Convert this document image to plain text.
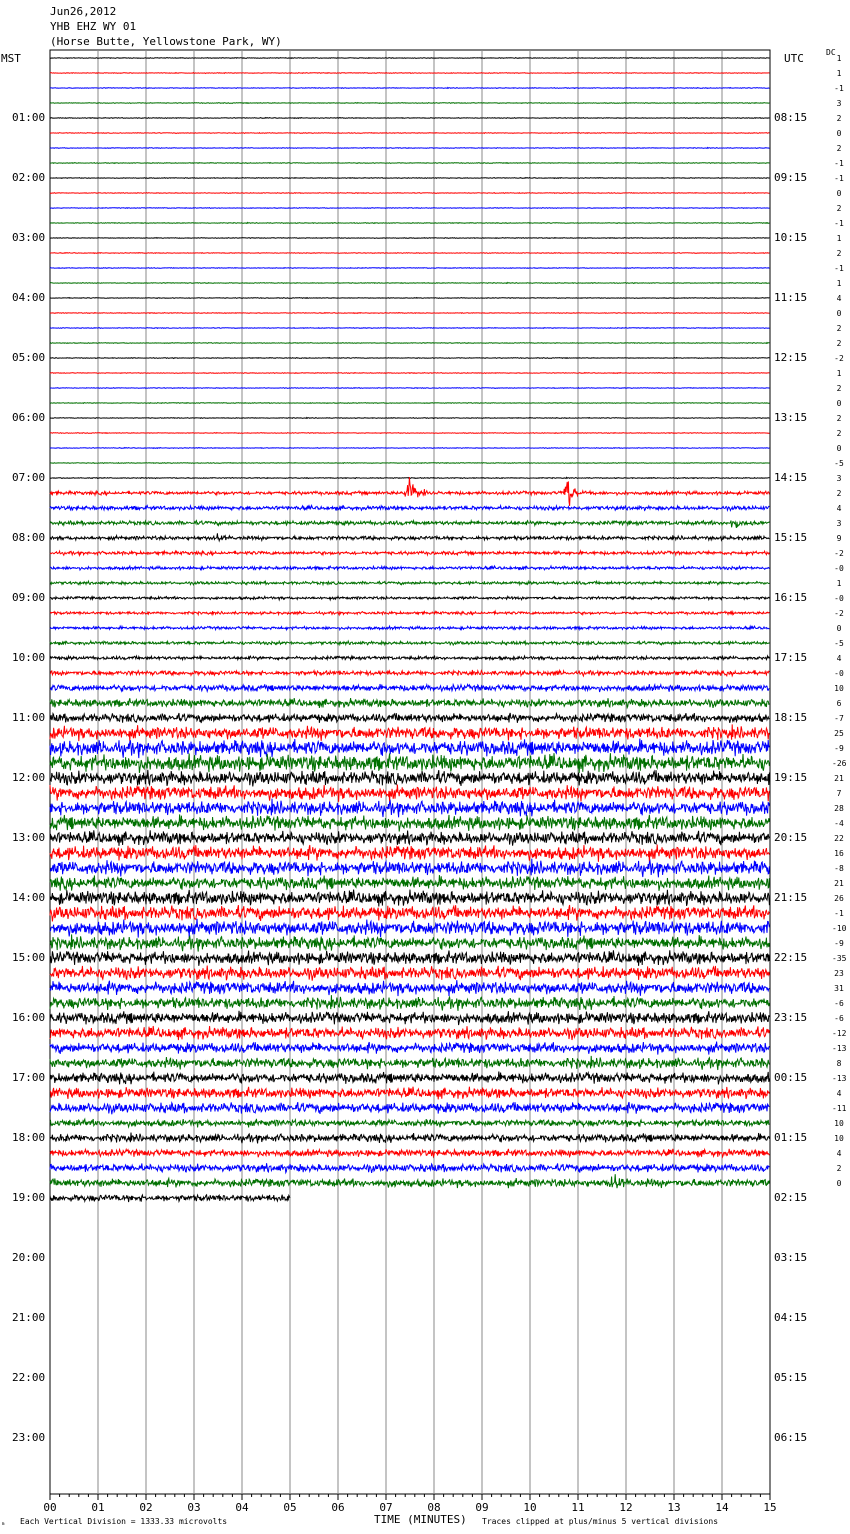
Jun26,2012
YHB EHZ WY 01
(Horse Butte, Yellowstone Park, WY)
MST	UTC	DC
01:00
02:00
03:00
04:00
05:00
06:00
07:00
08:00
09:00
10:00
11:00
12:00
13:00
14:00
15:00
16:00
17:00
18:00
19:00
20:00
21:00
22:00
23:00
08:15
09:15
10:15
11:15
12:15
13:15
14:15
15:15
16:15
17:15
18:15
19:15
20:15
21:15
22:15
23:15
00:15
01:15
02:15
03:15
04:15
05:15
06:15
1
1
-1
3
2
0
2
-1
-1
0
2
-1
1
2
-1
1
4
0
2
2
-2
1
2
0
2
2
0
-5
3
2
4
3
9
-2
-0
1
-0
-2
0
-5
4
-0
10
6
-7
25
-9
-26
21
7
28
-4
22
16
-8
21
26
-1
-10
-9
-35
23
31
-6
-6
-12
-13
8
-13
4
-11
10
10
4
2
0
00	01	02	03	04	05	06	07	08	09	10	11	12	13	14	15
ₘ Each Vertical Division = 1333.33 microvolts	TIME (MINUTES) Traces clipped at plus/minus 5 vertical divisions
